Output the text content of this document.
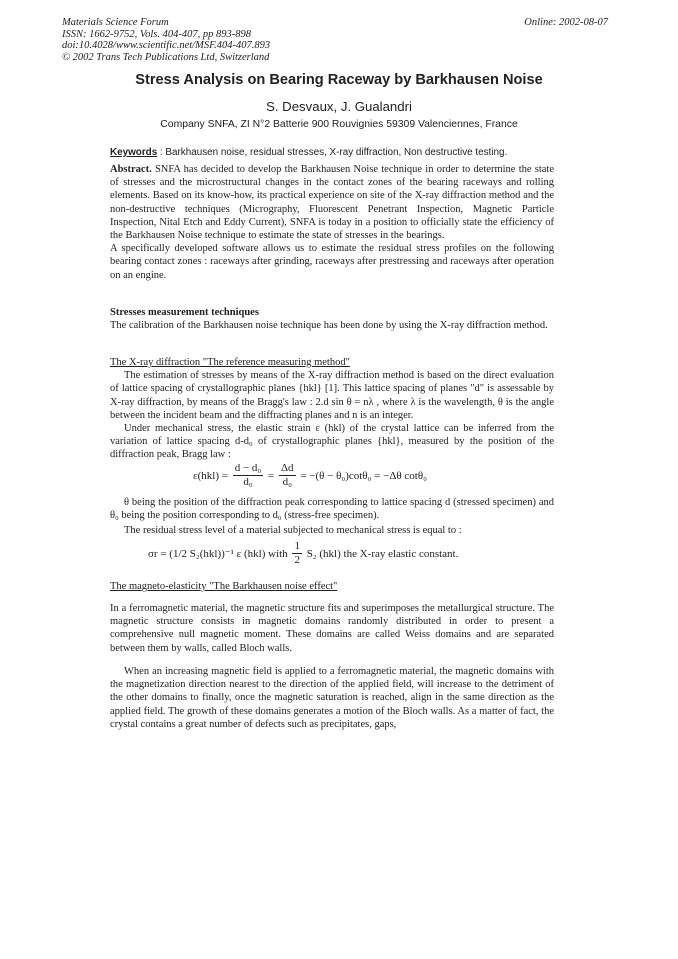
Materials Science Forum
ISSN: 1662-9752, Vols. 404-407, pp 893-898
doi:10.4028/www.scientific.net/MSF.404-407.893
© 2002 Trans Tech Publications Ltd, Switzerland
Online: 2002-08-07
Stress Analysis on Bearing Raceway by Barkhausen Noise
S. Desvaux, J. Gualandri
Company SNFA, ZI N°2 Batterie 900 Rouvignies 59309 Valenciennes, France
Keywords : Barkhausen noise, residual stresses, X-ray diffraction, Non destructive testing.

Abstract. SNFA has decided to develop the Barkhausen Noise technique in order to determine the state of stresses and the microstructural changes in the contact zones of the bearing raceways and rolling elements. Based on its know-how, its practical experience on site of the X-ray diffraction method and the non-destructive techniques (Micrography, Fluorescent Penetrant Inspection, Magnetic Particle Inspection, Nital Etch and Eddy Current), SNFA is today in a position to officially state the efficiency of the Barkhausen Noise technique to estimate the state of stresses in the bearings.

A specifically developed software allows us to estimate the residual stress profiles on the following bearing contact zones : raceways after grinding, raceways after prestressing and raceways after operation on an engine.

Stresses measurement techniques

The calibration of the Barkhausen noise technique has been done by using the X-ray diffraction method.

The X-ray diffraction "The reference measuring method"

The estimation of stresses by means of the X-ray diffraction method is based on the direct evaluation of lattice spacing of crystallographic planes {hkl} [1]. This lattice spacing of planes "d" is assessable by X-ray diffraction, by means of the Bragg's law : 2.d sin θ = nλ , where λ is the wavelength, θ is the angle between the incident beam and the diffracting planes and n is an integer.

Under mechanical stress, the elastic strain ε (hkl) of the crystal lattice can be inferred from the variation of lattice spacing d-d₀ of crystallographic planes {hkl}, measured by the position of the diffraction peak, Bragg law :

$\varepsilon(hkl) = \frac{\text{d − d₀}}{\text{d₀}} = \frac{\Delta d}{\text{d₀}} = -(\theta - \theta_0)\cot\theta_0 = -\Delta\theta$ cotθ₀

θ being the position of the diffraction peak corresponding to lattice spacing d (stressed specimen) and θ₀ being the position corresponding to d₀ (stress-free specimen).

The residual stress level of a material subjected to mechanical stress is equal to :

σr = (1/2 S₂(hkl))⁻¹ ε (hkl) with $\frac{1}{2} S_2$ (hkl) the X-ray elastic constant.

The magneto-elasticity "The Barkhausen noise effect"

In a ferromagnetic material, the magnetic structure fits and superimposes the metallurgical structure. The magnetic structure consists in magnetic domains randomly distributed in order to present a comprehensive null magnetic moment. These domains are called Weiss domains and are separated between them by walls, called Bloch walls.

When an increasing magnetic field is applied to a ferromagnetic material, the magnetic domains with the magnetization direction nearest to the direction of the applied field, will increase to the detriment of the other domains to finally, once the magnetic saturation is reached, align in the same direction as the applied field. The growth of these domains generates a motion of the Bloch walls. As a matter of fact, the crystal contains a great number of defects such as precipitates, gaps,
